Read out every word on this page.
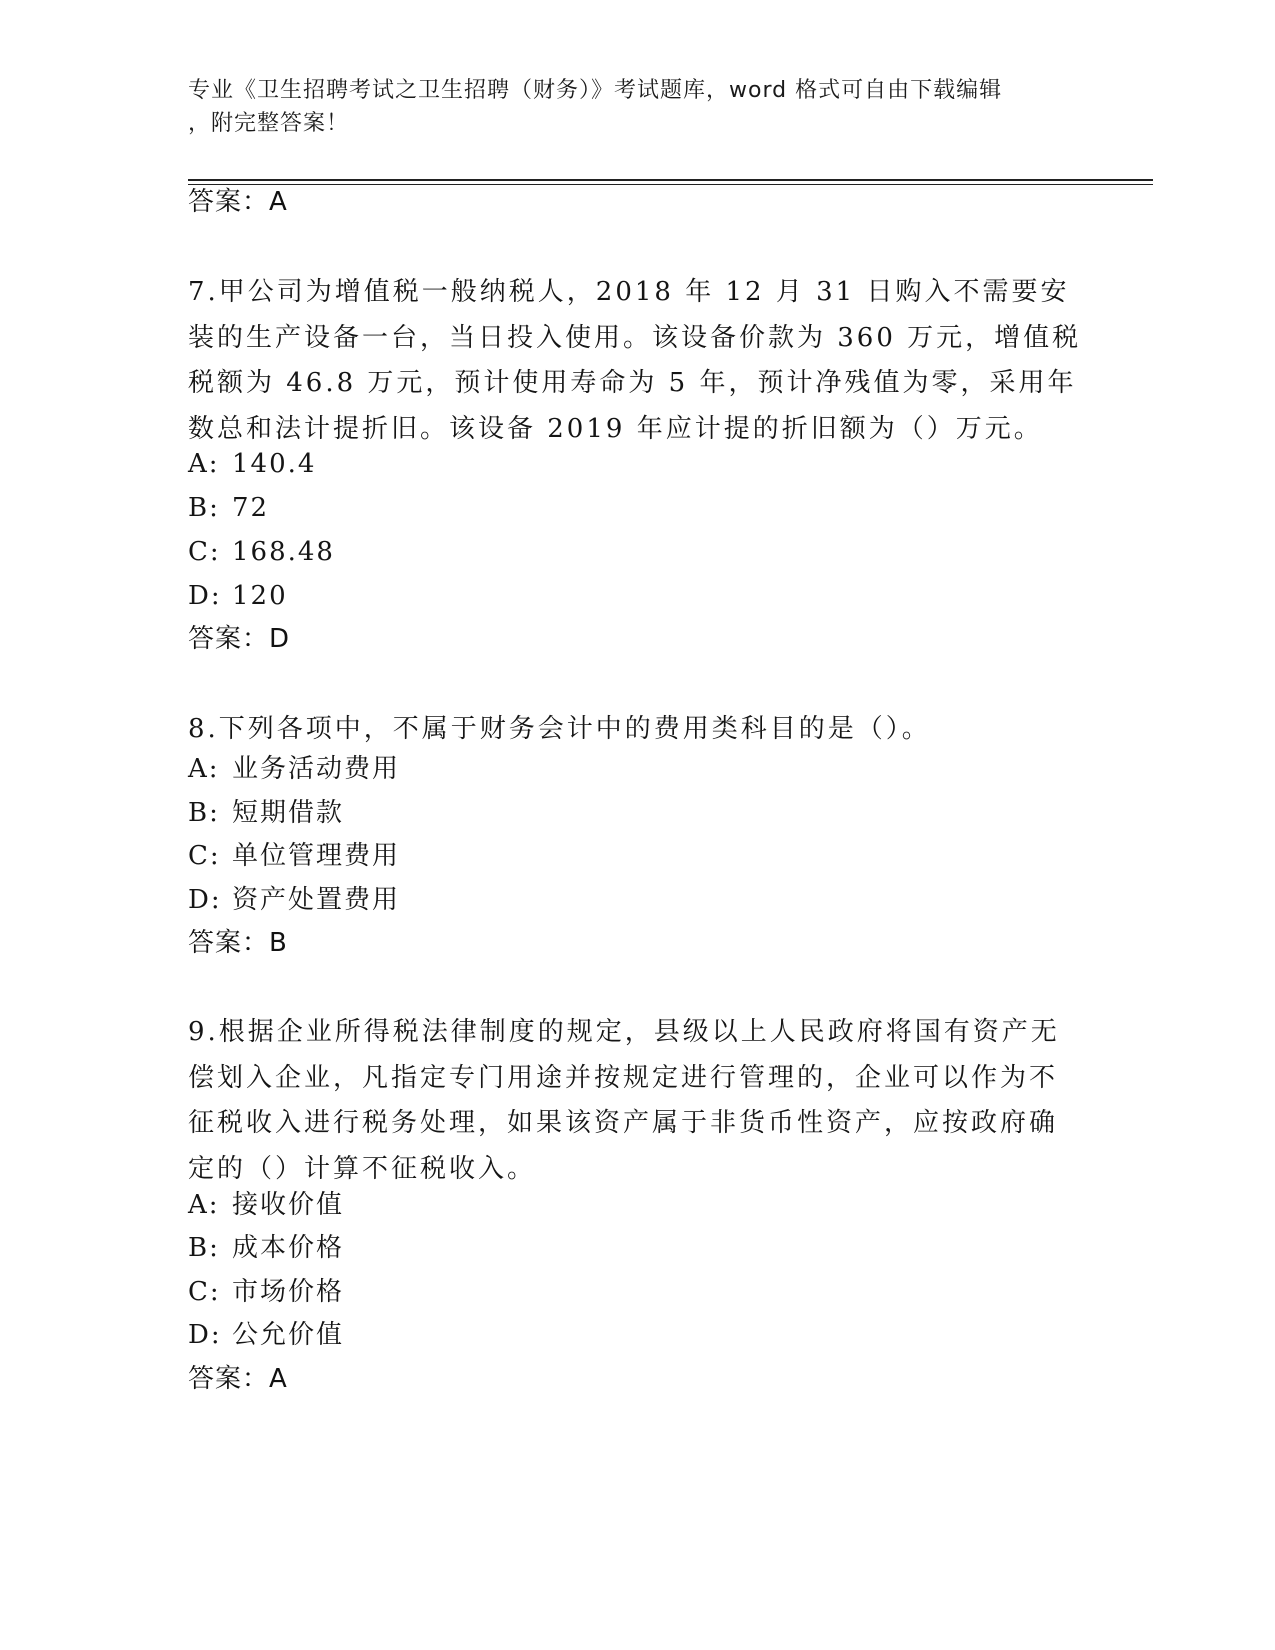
专业《卫生招聘考试之卫生招聘（财务）》考试题库，word 格式可自由下载编辑
，附完整答案！
答案：A
7.甲公司为增值税一般纳税人，2018 年 12 月 31 日购入不需要安装的生产设备一台，当日投入使用。该设备价款为 360 万元，增值税税额为 46.8 万元，预计使用寿命为 5 年，预计净残值为零，采用年数总和法计提折旧。该设备 2019 年应计提的折旧额为（）万元。
A: 140.4
B: 72
C: 168.48
D: 120
答案：D
8.下列各项中，不属于财务会计中的费用类科目的是（）。
A: 业务活动费用
B: 短期借款
C: 单位管理费用
D: 资产处置费用
答案：B
9.根据企业所得税法律制度的规定，县级以上人民政府将国有资产无偿划入企业，凡指定专门用途并按规定进行管理的，企业可以作为不征税收入进行税务处理，如果该资产属于非货币性资产，应按政府确定的（）计算不征税收入。
A: 接收价值
B: 成本价格
C: 市场价格
D: 公允价值
答案：A
